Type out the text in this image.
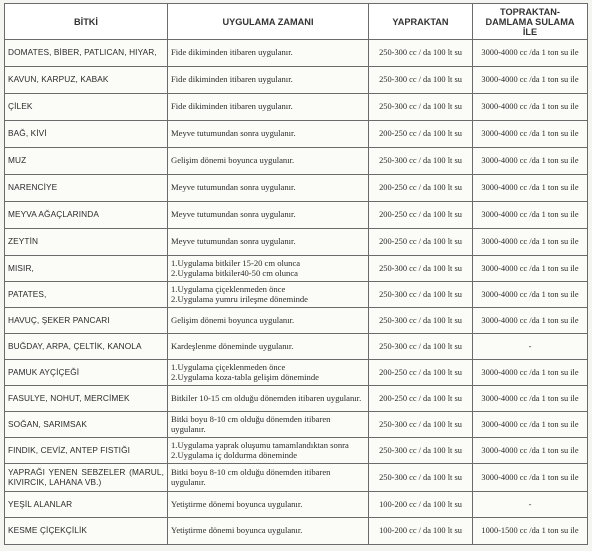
BİTKİ	UYGULAMA ZAMANI	YAPRAKTAN	TOPRAKTAN- DAMLAMA SULAMA İLE
DOMATES, BİBER, PATLICAN, HIYAR,	Fide dikiminden itibaren uygulanır.	250-300 cc / da 100 lt su	3000-4000 cc /da 1 ton su ile
KAVUN, KARPUZ, KABAK	Fide dikiminden itibaren uygulanır.	250-300 cc / da 100 lt su	3000-4000 cc /da 1 ton su ile
ÇİLEK	Fide dikiminden itibaren uygulanır.	250-300 cc / da 100 lt su	3000-4000 cc /da 1 ton su ile
BAĞ, KİVİ	Meyve tutumundan sonra uygulanır.	200-250 cc / da 100 lt su	3000-4000 cc /da 1 ton su ile
MUZ	Gelişim dönemi boyunca uygulanır.	250-300 cc / da 100 lt su	3000-4000 cc /da 1 ton su ile
NARENCİYE	Meyve tutumundan sonra uygulanır.	200-250 cc / da 100 lt su	3000-4000 cc /da 1 ton su ile
MEYVA AĞAÇLARINDA	Meyve tutumundan sonra uygulanır.	200-250 cc / da 100 lt su	3000-4000 cc /da 1 ton su ile
ZEYTİN	Meyve tutumundan sonra uygulanır.	200-250 cc / da 100 lt su	3000-4000 cc /da 1 ton su ile
MISIR,	1.Uygulama bitkiler 15-20 cm olunca
2.Uygulama bitkiler40-50 cm olunca	250-300 cc / da 100 lt su	3000-4000 cc /da 1 ton su ile
PATATES,	1.Uygulama çiçeklenmeden önce
2.Uygulama yumru irileşme döneminde	250-300 cc / da 100 lt su	3000-4000 cc /da 1 ton su ile
HAVUÇ, ŞEKER PANCARI	Gelişim dönemi boyunca uygulanır.	250-300 cc / da 100 lt su	3000-4000 cc /da 1 ton su ile
BUĞDAY, ARPA, ÇELTİK, KANOLA	Kardeşlenme döneminde uygulanır.	250-300 cc / da 100 lt su	-
PAMUK AYÇİÇEĞİ	1.Uygulama çiçeklenmeden önce
2.Uygulama koza-tabla gelişim döneminde	200-250 cc / da 100 lt su	3000-4000 cc /da 1 ton su ile
FASULYE, NOHUT, MERCİMEK	Bitkiler 10-15 cm olduğu dönemden itibaren uygulanır.	200-250 cc / da 100 lt su	3000-4000 cc /da 1 ton su ile
SOĞAN, SARIMSAK	Bitki boyu 8-10 cm olduğu dönemden itibaren uygulanır.	250-300 cc / da 100 lt su	3000-4000 cc /da 1 ton su ile
FINDIK, CEVİZ, ANTEP FISTIĞI	1.Uygulama yaprak oluşumu tamamlandıktan sonra
2.Uygulama iç doldurma döneminde	250-300 cc / da 100 lt su	3000-4000 cc /da 1 ton su ile
YAPRAĞI YENEN SEBZELER (MARUL, KIVIRCIK, LAHANA VB.)	Bitki boyu 8-10 cm olduğu dönemden itibaren uygulanır.	250-300 cc / da 100 lt su	3000-4000 cc /da 1 ton su ile
YEŞİL ALANLAR	Yetiştirme dönemi boyunca uygulanır.	100-200 cc / da 100 lt su	-
KESME ÇİÇEKÇİLİK	Yetiştirme dönemi boyunca uygulanır.	100-200 cc / da 100 lt su	1000-1500 cc /da 1 ton su ile
